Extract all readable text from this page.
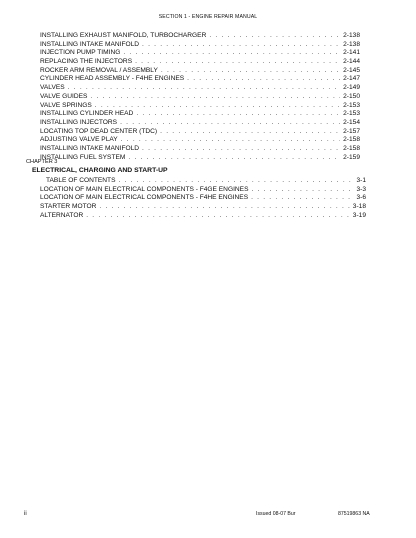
SECTION 1 - ENGINE REPAIR MANUAL
INSTALLING EXHAUST MANIFOLD, TURBOCHARGER . . .	2-138
INSTALLING INTAKE MANIFOLD . . .	2-138
INJECTION PUMP TIMING . . .	2-141
REPLACING THE INJECTORS . . .	2-144
ROCKER ARM REMOVAL / ASSEMBLY . . .	2-145
CYLINDER HEAD ASSEMBLY - F4HE ENGINES . . .	2-147
VALVES . . .	2-149
VALVE GUIDES . . .	2-150
VALVE SPRINGS . . .	2-153
INSTALLING CYLINDER HEAD . . .	2-153
INSTALLING INJECTORS . . .	2-154
LOCATING TOP DEAD CENTER (TDC) . . .	2-157
ADJUSTING VALVE PLAY . . .	2-158
INSTALLING INTAKE MANIFOLD . . .	2-158
INSTALLING FUEL SYSTEM . . .	2-159
CHAPTER 3
ELECTRICAL, CHARGING AND START-UP
TABLE OF CONTENTS . . .	3-1
LOCATION OF MAIN ELECTRICAL COMPONENTS - F4GE ENGINES . . .	3-3
LOCATION OF MAIN ELECTRICAL COMPONENTS - F4HE ENGINES . . .	3-6
STARTER MOTOR . . .	3-18
ALTERNATOR . . .	3-19
ii	Issued 08-07 Bur	87519863 NA
